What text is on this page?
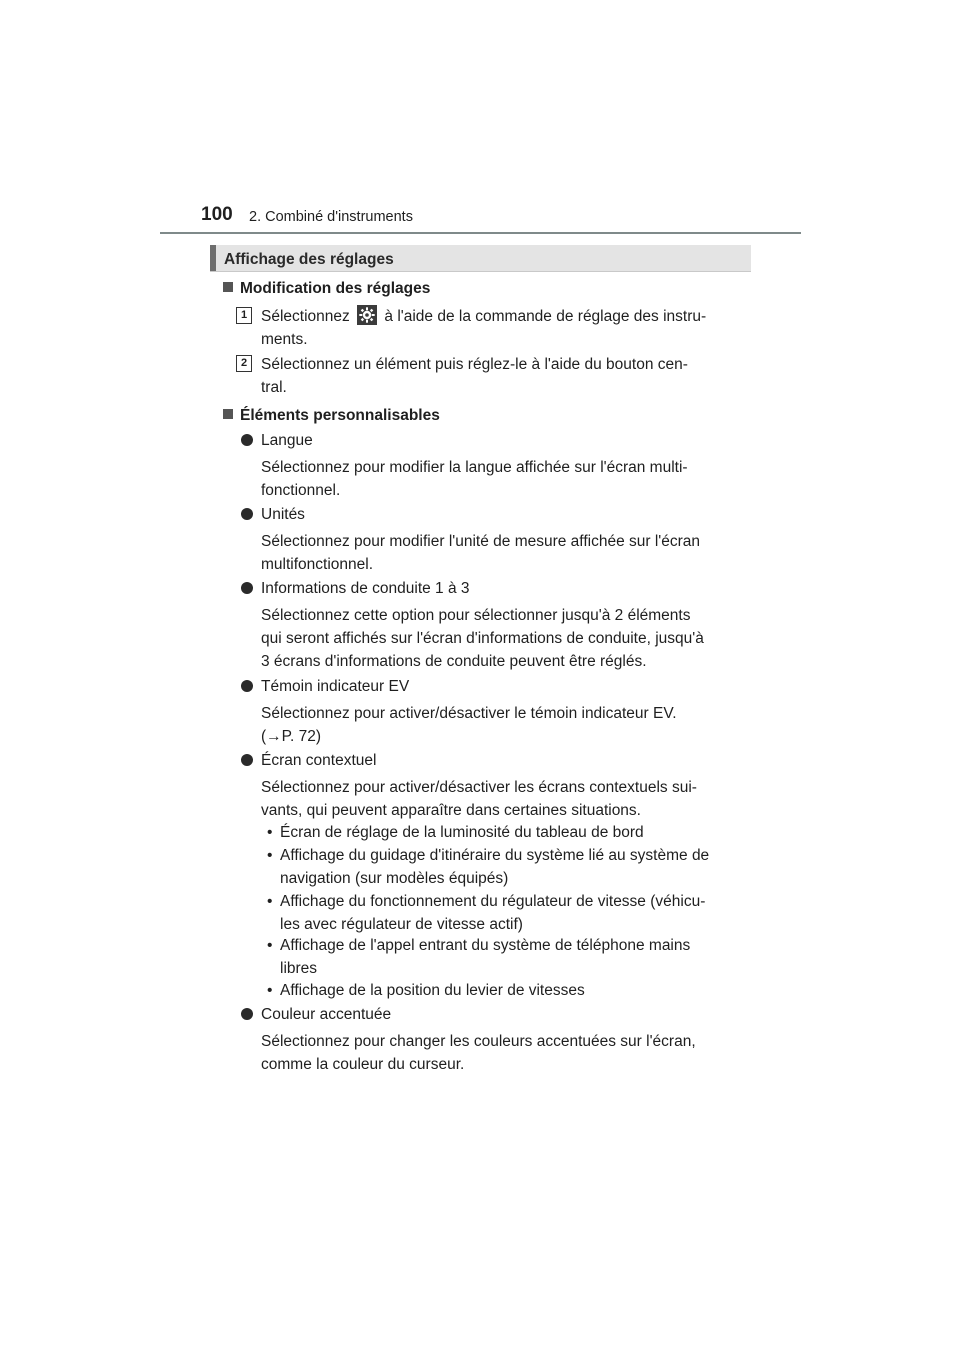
100 2. Combiné d'instruments
Affichage des réglages
Modification des réglages
1 Sélectionnez à l'aide de la commande de réglage des instru-
ments.
2 Sélectionnez un élément puis réglez-le à l'aide du bouton cen-
tral.
Éléments personnalisables
Langue
Sélectionnez pour modifier la langue affichée sur l'écran multi-
fonctionnel.
Unités
Sélectionnez pour modifier l'unité de mesure affichée sur l'écran
multifonctionnel.
Informations de conduite 1 à 3
Sélectionnez cette option pour sélectionner jusqu'à 2 éléments
qui seront affichés sur l'écran d'informations de conduite, jusqu'à
3 écrans d'informations de conduite peuvent être réglés.
Témoin indicateur EV
Sélectionnez pour activer/désactiver le témoin indicateur EV.
(→P. 72)
Écran contextuel
Sélectionnez pour activer/désactiver les écrans contextuels sui-
vants, qui peuvent apparaître dans certaines situations.
• Écran de réglage de la luminosité du tableau de bord
• Affichage du guidage d'itinéraire du système lié au système de
navigation (sur modèles équipés)
• Affichage du fonctionnement du régulateur de vitesse (véhicu-
les avec régulateur de vitesse actif)
• Affichage de l'appel entrant du système de téléphone mains
libres
• Affichage de la position du levier de vitesses
Couleur accentuée
Sélectionnez pour changer les couleurs accentuées sur l'écran,
comme la couleur du curseur.
